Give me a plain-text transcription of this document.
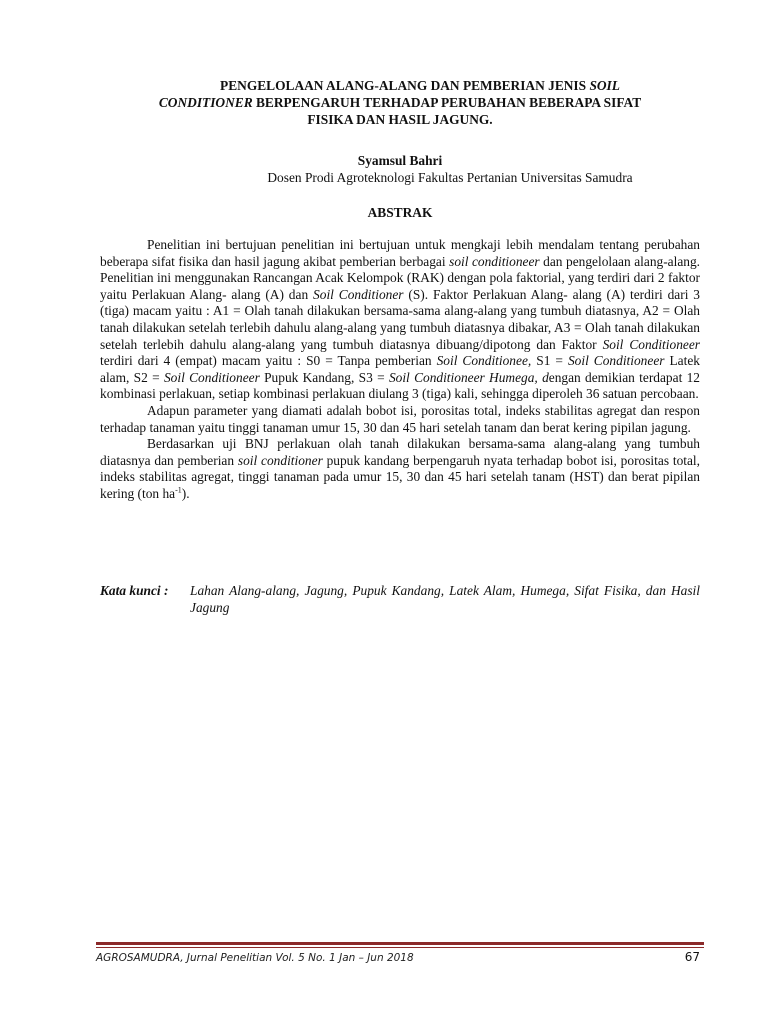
PENGELOLAAN ALANG-ALANG DAN PEMBERIAN JENIS SOIL
CONDITIONER BERPENGARUH TERHADAP PERUBAHAN BEBERAPA SIFAT
FISIKA DAN HASIL JAGUNG.

Syamsul Bahri

Dosen Prodi Agroteknologi Fakultas Pertanian Universitas Samudra

ABSTRAK

Penelitian ini bertujuan penelitian ini bertujuan untuk mengkaji lebih mendalam tentang perubahan beberapa sifat fisika dan hasil jagung akibat pemberian berbagai soil conditioneer dan pengelolaan alang-alang. Penelitian ini menggunakan Rancangan Acak Kelompok (RAK) dengan pola faktorial, yang terdiri dari 2 faktor yaitu Perlakuan Alang- alang (A) dan Soil Conditioner (S). Faktor Perlakuan Alang- alang (A) terdiri dari 3 (tiga) macam yaitu : A1 = Olah tanah dilakukan bersama-sama alang-alang yang tumbuh diatasnya, A2 = Olah tanah dilakukan setelah terlebih dahulu alang-alang yang tumbuh diatasnya dibakar, A3 = Olah tanah dilakukan setelah terlebih dahulu alang-alang yang tumbuh diatasnya dibuang/dipotong dan Faktor Soil Conditioneer terdiri dari 4 (empat) macam yaitu : S0 = Tanpa pemberian Soil Conditionee, S1 = Soil Conditioneer Latek alam, S2 = Soil Conditioneer Pupuk Kandang, S3 = Soil Conditioneer Humega, dengan demikian terdapat 12 kombinasi perlakuan, setiap kombinasi perlakuan diulang 3 (tiga) kali, sehingga diperoleh 36 satuan percobaan.

Adapun parameter yang diamati adalah bobot isi, porositas total, indeks stabilitas agregat dan respon terhadap tanaman yaitu tinggi tanaman umur 15, 30 dan 45 hari setelah tanam dan berat kering pipilan jagung.

Berdasarkan uji BNJ perlakuan olah tanah dilakukan bersama-sama alang-alang yang tumbuh diatasnya dan pemberian soil conditioner pupuk kandang berpengaruh nyata terhadap bobot isi, porositas total, indeks stabilitas agregat, tinggi tanaman pada umur 15, 30 dan 45 hari setelah tanam (HST) dan berat pipilan kering (ton $ha^{-1}$).

Kata kunci :	Lahan Alang-alang, Jagung, Pupuk Kandang, Latek Alam, Humega, Sifat Fisika, dan Hasil Jagung
AGROSAMUDRA, Jurnal Penelitian Vol. 5 No. 1 Jan – Jun 2018	67
